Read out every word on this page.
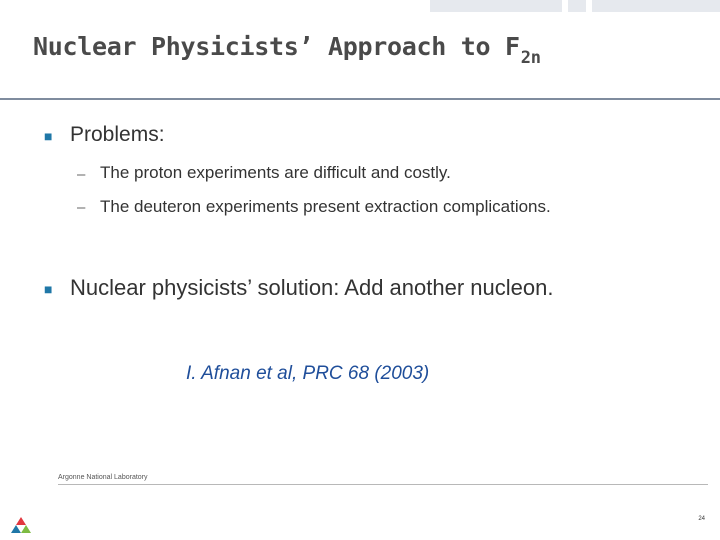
Nuclear Physicists’ Approach to $F_{2n}$
■ Problems:
– The proton experiments are difficult and costly.
– The deuteron experiments present extraction complications.
■ Nuclear physicists’ solution: Add another nucleon.
I. Afnan et al, PRC 68 (2003)
Argonne National Laboratory
24
